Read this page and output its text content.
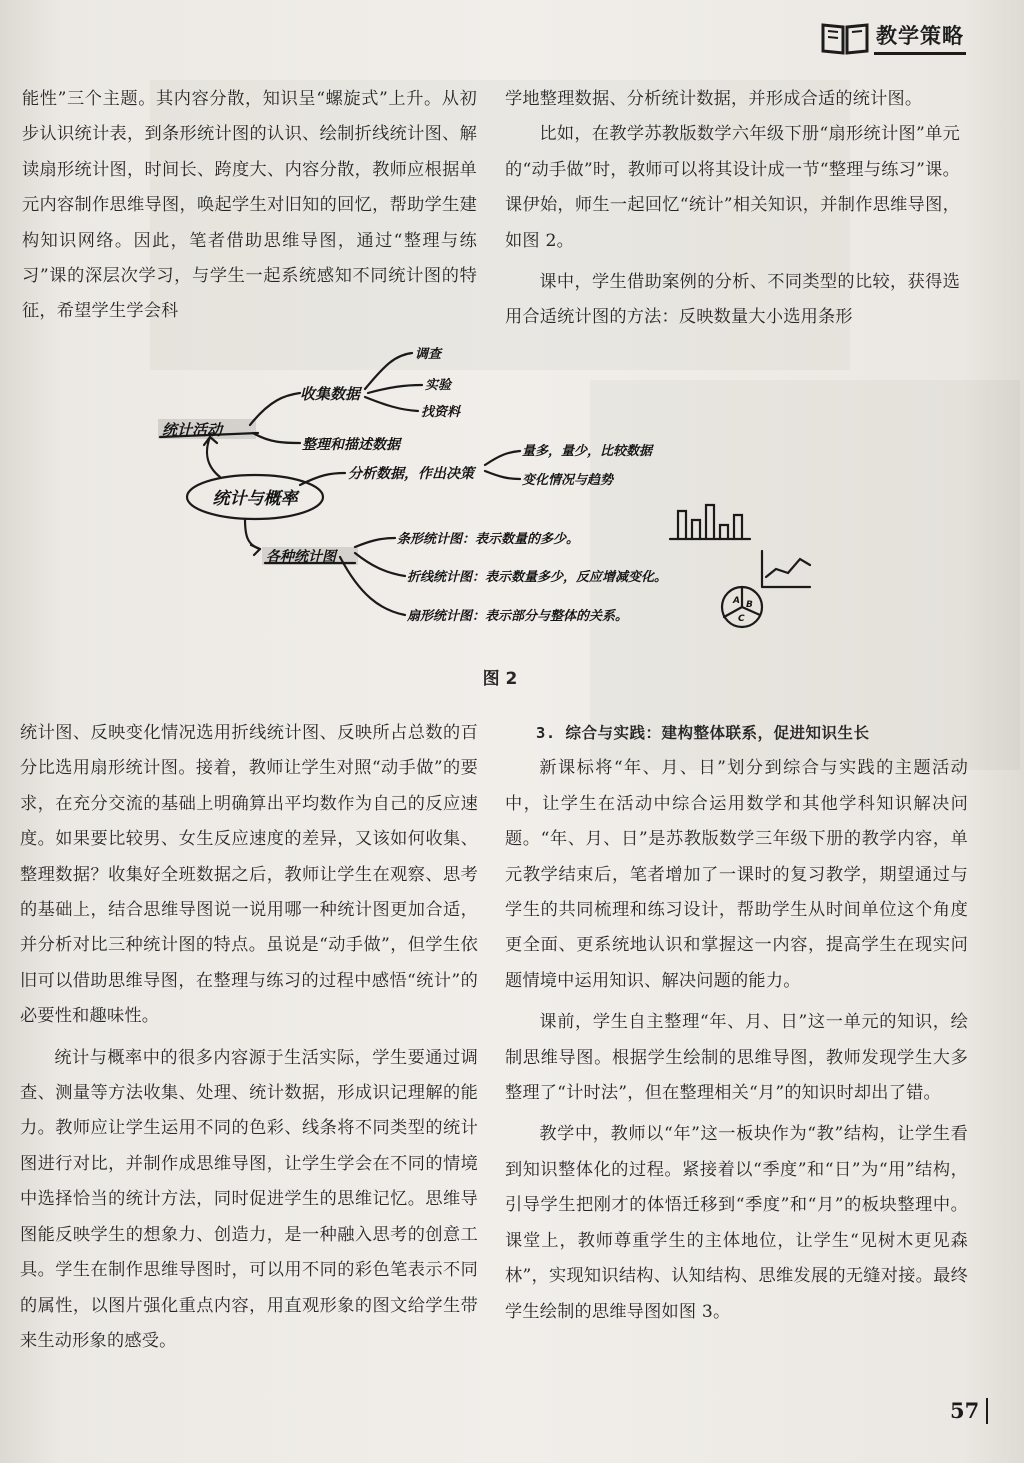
教学策略

能性”三个主题。其内容分散，知识呈“螺旋式”上升。从初步认识统计表，到条形统计图的认识、绘制折线统计图、解读扇形统计图，时间长、跨度大、内容分散，教师应根据单元内容制作思维导图，唤起学生对旧知的回忆，帮助学生建构知识网络。因此，笔者借助思维导图，通过“整理与练习”课的深层次学习，与学生一起系统感知不同统计图的特征，希望学生学会科

学地整理数据、分析统计数据，并形成合适的统计图。

比如，在教学苏教版数学六年级下册“扇形统计图”单元的“动手做”时，教师可以将其设计成一节“整理与练习”课。课伊始，师生一起回忆“统计”相关知识，并制作思维导图，如图 2。

课中，学生借助案例的分析、不同类型的比较，获得选用合适统计图的方法：反映数量大小选用条形

统计与概率
统计活动
收集数据
调查
实验
找资料
整理和描述数据
分析数据，作出决策
量多，量少，比较数据
变化情况与趋势
各种统计图
条形统计图：表示数量的多少。
折线统计图：表示数量多少，反应增减变化。
扇形统计图：表示部分与整体的关系。
A B
C
图 2

统计图、反映变化情况选用折线统计图、反映所占总数的百分比选用扇形统计图。接着，教师让学生对照“动手做”的要求，在充分交流的基础上明确算出平均数作为自己的反应速度。如果要比较男、女生反应速度的差异，又该如何收集、整理数据？收集好全班数据之后，教师让学生在观察、思考的基础上，结合思维导图说一说用哪一种统计图更加合适，并分析对比三种统计图的特点。虽说是“动手做”，但学生依旧可以借助思维导图，在整理与练习的过程中感悟“统计”的必要性和趣味性。

统计与概率中的很多内容源于生活实际，学生要通过调查、测量等方法收集、处理、统计数据，形成识记理解的能力。教师应让学生运用不同的色彩、线条将不同类型的统计图进行对比，并制作成思维导图，让学生学会在不同的情境中选择恰当的统计方法，同时促进学生的思维记忆。思维导图能反映学生的想象力、创造力，是一种融入思考的创意工具。学生在制作思维导图时，可以用不同的彩色笔表示不同的属性，以图片强化重点内容，用直观形象的图文给学生带来生动形象的感受。

3. 综合与实践：建构整体联系，促进知识生长

新课标将“年、月、日”划分到综合与实践的主题活动中，让学生在活动中综合运用数学和其他学科知识解决问题。“年、月、日”是苏教版数学三年级下册的教学内容，单元教学结束后，笔者增加了一课时的复习教学，期望通过与学生的共同梳理和练习设计，帮助学生从时间单位这个角度更全面、更系统地认识和掌握这一内容，提高学生在现实问题情境中运用知识、解决问题的能力。

课前，学生自主整理“年、月、日”这一单元的知识，绘制思维导图。根据学生绘制的思维导图，教师发现学生大多整理了“计时法”，但在整理相关“月”的知识时却出了错。

教学中，教师以“年”这一板块作为“教”结构，让学生看到知识整体化的过程。紧接着以“季度”和“日”为“用”结构，引导学生把刚才的体悟迁移到“季度”和“月”的板块整理中。课堂上，教师尊重学生的主体地位，让学生“见树木更见森林”，实现知识结构、认知结构、思维发展的无缝对接。最终学生绘制的思维导图如图 3。

57
